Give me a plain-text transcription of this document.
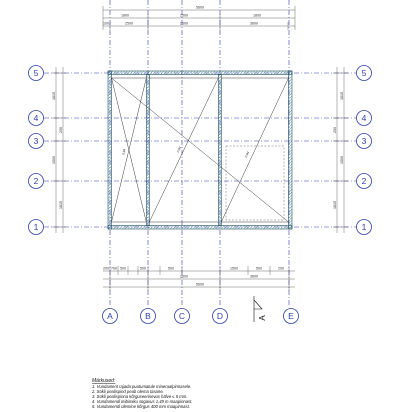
5600
1800	2500	1800
100	2500	2500	3600
1815
1500
1815
200
1815
1500
1815
200
0,94	0,94
0,94
200 700 500	500	500	1500	500	200
2500	3600
5600
A	B	C	D	E
5
4
3
2
1
5
4
3
2
1
A
Märkused:
1. Vundament rajada puutumatule mineraalpinnasele.
2. Sokli pealispind peab olema tasane.
3. Sokli pealispinna kõrguseerinevus hälve ≤ 5 mm.
4. Vundamendi teibimiku sügavus 1,49 m maapinnast.
5. Vundamendi ülemine kõrgus 400 mm maapinnast.
